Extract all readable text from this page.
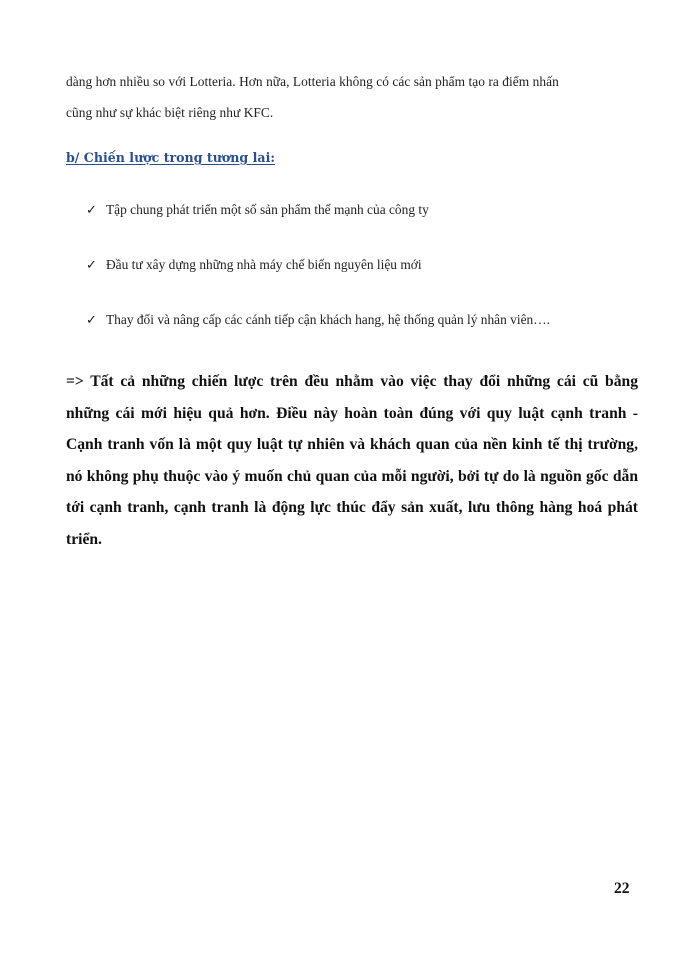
dàng hơn nhiều so với Lotteria. Hơn nữa, Lotteria không có các sản phẩm tạo ra điểm nhấn
cũng như sự khác biệt riêng như KFC.
b/ Chiến lược trong tương lai:
✓ Tập chung phát triển một số sản phẩm thế mạnh của công ty
✓ Đầu tư xây dựng những nhà máy chế biến nguyên liệu mới
✓ Thay đổi và nâng cấp các cánh tiếp cận khách hang, hệ thống quản lý nhân viên….
=> Tất cả những chiến lược trên đều nhằm vào việc thay đổi những cái cũ bằng những cái mới hiệu quả hơn. Điều này hoàn toàn đúng với quy luật cạnh tranh - Cạnh tranh vốn là một quy luật tự nhiên và khách quan của nền kinh tế thị trường, nó không phụ thuộc vào ý muốn chủ quan của mỗi người, bởi tự do là nguồn gốc dẫn tới cạnh tranh, cạnh tranh là động lực thúc đẩy sản xuất, lưu thông hàng hoá phát triển.
22
